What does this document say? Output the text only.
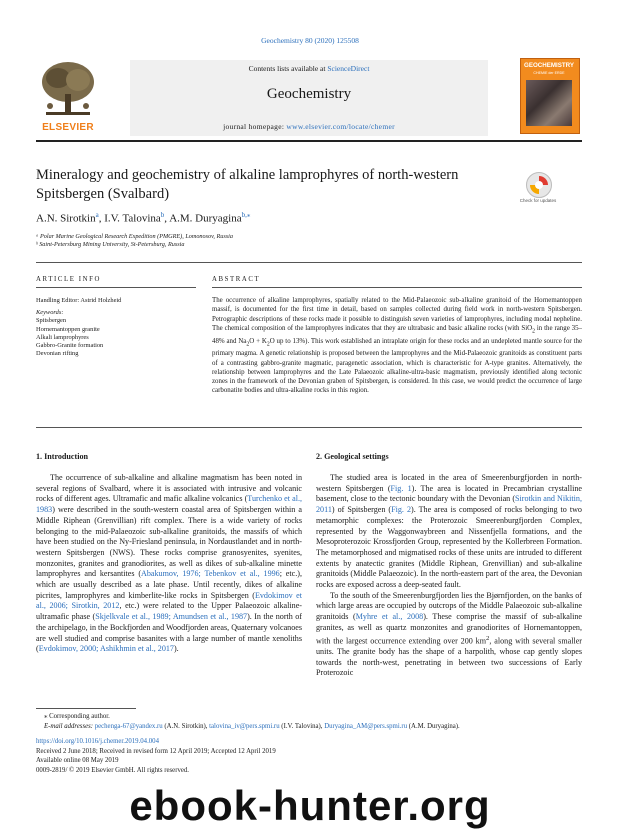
Geochemistry 80 (2020) 125508
ELSEVIER
Contents lists available at ScienceDirect
Geochemistry
journal homepage: www.elsevier.com/locate/chemer
GEOCHEMISTRY
CHEMIE der ERDE
Mineralogy and geochemistry of alkaline lamprophyres of north-western Spitsbergen (Svalbard)	Check for updates
A.N. Sirotkin$^a$, I.V. Talovina$^b$, A.M. Duryagina$^{b,⁎}$
ᵃ Polar Marine Geological Research Expedition (PMGRE), Lomonosov, Russia
ᵇ Saint-Petersburg Mining University, St-Petersburg, Russia
ARTICLE INFO
Handling Editor: Astrid Holzheid
Keywords:
Spitsbergen
Hornemantoppen granite
Alkali lamprophyres
Gabbro-Granite formation
Devonian rifting
ABSTRACT
The occurrence of alkaline lamprophyres, spatially related to the Mid-Palaeozoic sub-alkaline granitoid of the Hornemantoppen massif, is documented for the first time in detail, based on samples collected during field work in north-western Spitsbergen. Petrographic descriptions of these rocks made it possible to distinguish seven varieties of lamprophyres, including modal nepheline. The chemical composition of the lamprophyres indicates that they are ultrabasic and basic alkaline rocks (with SiO$_2$ in the range 35–48% and $Na_2O + K_2O$ up to 13%). This work established an intraplate origin for these rocks and an undepleted mantle source for the primary magma. A genetic relationship is proposed between the lamprophyres and the Mid-Palaeozoic granitoids as constituent parts of a contrasting gabbro-granite magmatic, paragenetic association, which is characteristic for A-type granites. Alternatively, the relationship between lamprophyres and the Late Palaeozoic alkaline-ultra-basic magmatism, previously identified along tectonic zones in the framework of the Devonian graben of Spitsbergen, is considered. In this case, we would predict the occurrence of large carbonatite bodies and ultra-alkaline rocks in this region.
1. Introduction

The occurrence of sub-alkaline and alkaline magmatism has been noted in several regions of Svalbard, where it is associated with intrusive and volcanic rocks of different ages. Ultramafic and mafic alkaline volcanics (Turchenko et al., 1983) were described in the south-western coastal area of Spitsbergen within a Middle Riphean (Grenvillian) rift complex. There is a wide variety of rocks belonging to the mid-Palaeozoic sub-alkaline granitoids, the massifs of which have been studied on the Ny-Friesland peninsula, in Nordaustlandet and in north-western Spitsbergen (NWS). These rocks comprise granosyenites, syenites, monzonites, granites and granodiorites, as well as dikes of sub-alkaline minette lamprophyres and kersantites (Abakumov, 1976; Tebenkov et al., 1996; etc.), which are usually described as a late phase. Until recently, dikes of alkaline picrites, lamprophyres and kimberlite-like rocks in Spitsbergen (Evdokimov et al., 2006; Sirotkin, 2012, etc.) were related to the Upper Palaeozoic alkaline-ultramafic phase (Skjelkvale et al., 1989; Amundsen et al., 1987). In the north of the archipelago, in the Bockfjorden and Woodfjorden areas, Quaternary volcanoes are well studied and comprise basanites with a large number of mantle xenoliths (Evdokimov, 2000; Ashikhmin et al., 2017).

2. Geological settings

The studied area is located in the area of Smeerenburgfjorden in north-western Spitsbergen (Fig. 1). The area is located in Precambrian crystalline basement, close to the tectonic boundary with the Devonian (Sirotkin and Nikitin, 2011) of Spitsbergen (Fig. 2). The area is composed of rocks belonging to two metamorphic complexes: the Proterozoic Smeerenburgfjorden Complex, represented by the Waggonwaybreen and Nissenfjella formations, and the Mesoproterozoic Krossfjorden Group, represented by the Kollerbreen Formation. The metamorphosed and migmatised rocks of these units are intruded to different extents by anatectic granites (Middle Riphean, Grenvillian) and sub-alkaline granitoids (Middle Palaeozoic). In the north-eastern part of the area, the Devonian rocks are exposed across a deep-seated fault.

To the south of the Smeerenburgfjorden lies the Bjørnfjorden, on the banks of which large areas are occupied by outcrops of the Middle Palaeozoic sub-alkaline granitoids (Myhre et al., 2008). These comprise the massif of sub-alkaline granites, as well as quartz monzonites and granodiorites of Hornemantoppen, with the largest occurrence extending over 200 $km^2$, along with several smaller units. The granite body has the shape of a harpolith, whose cap gently slopes towards the north-west, penetrating in between two successions of Early Proterozoic

⁎ Corresponding author.
E-mail addresses: pechenga-67@yandex.ru (A.N. Sirotkin), talovina_iv@pers.spmi.ru (I.V. Talovina), Duryagina_AM@pers.spmi.ru (A.M. Duryagina).
https://doi.org/10.1016/j.chemer.2019.04.004
Received 2 June 2018; Received in revised form 12 April 2019; Accepted 12 April 2019
Available online 08 May 2019
0009-2819/ © 2019 Elsevier GmbH. All rights reserved.
ebook-hunter.org
